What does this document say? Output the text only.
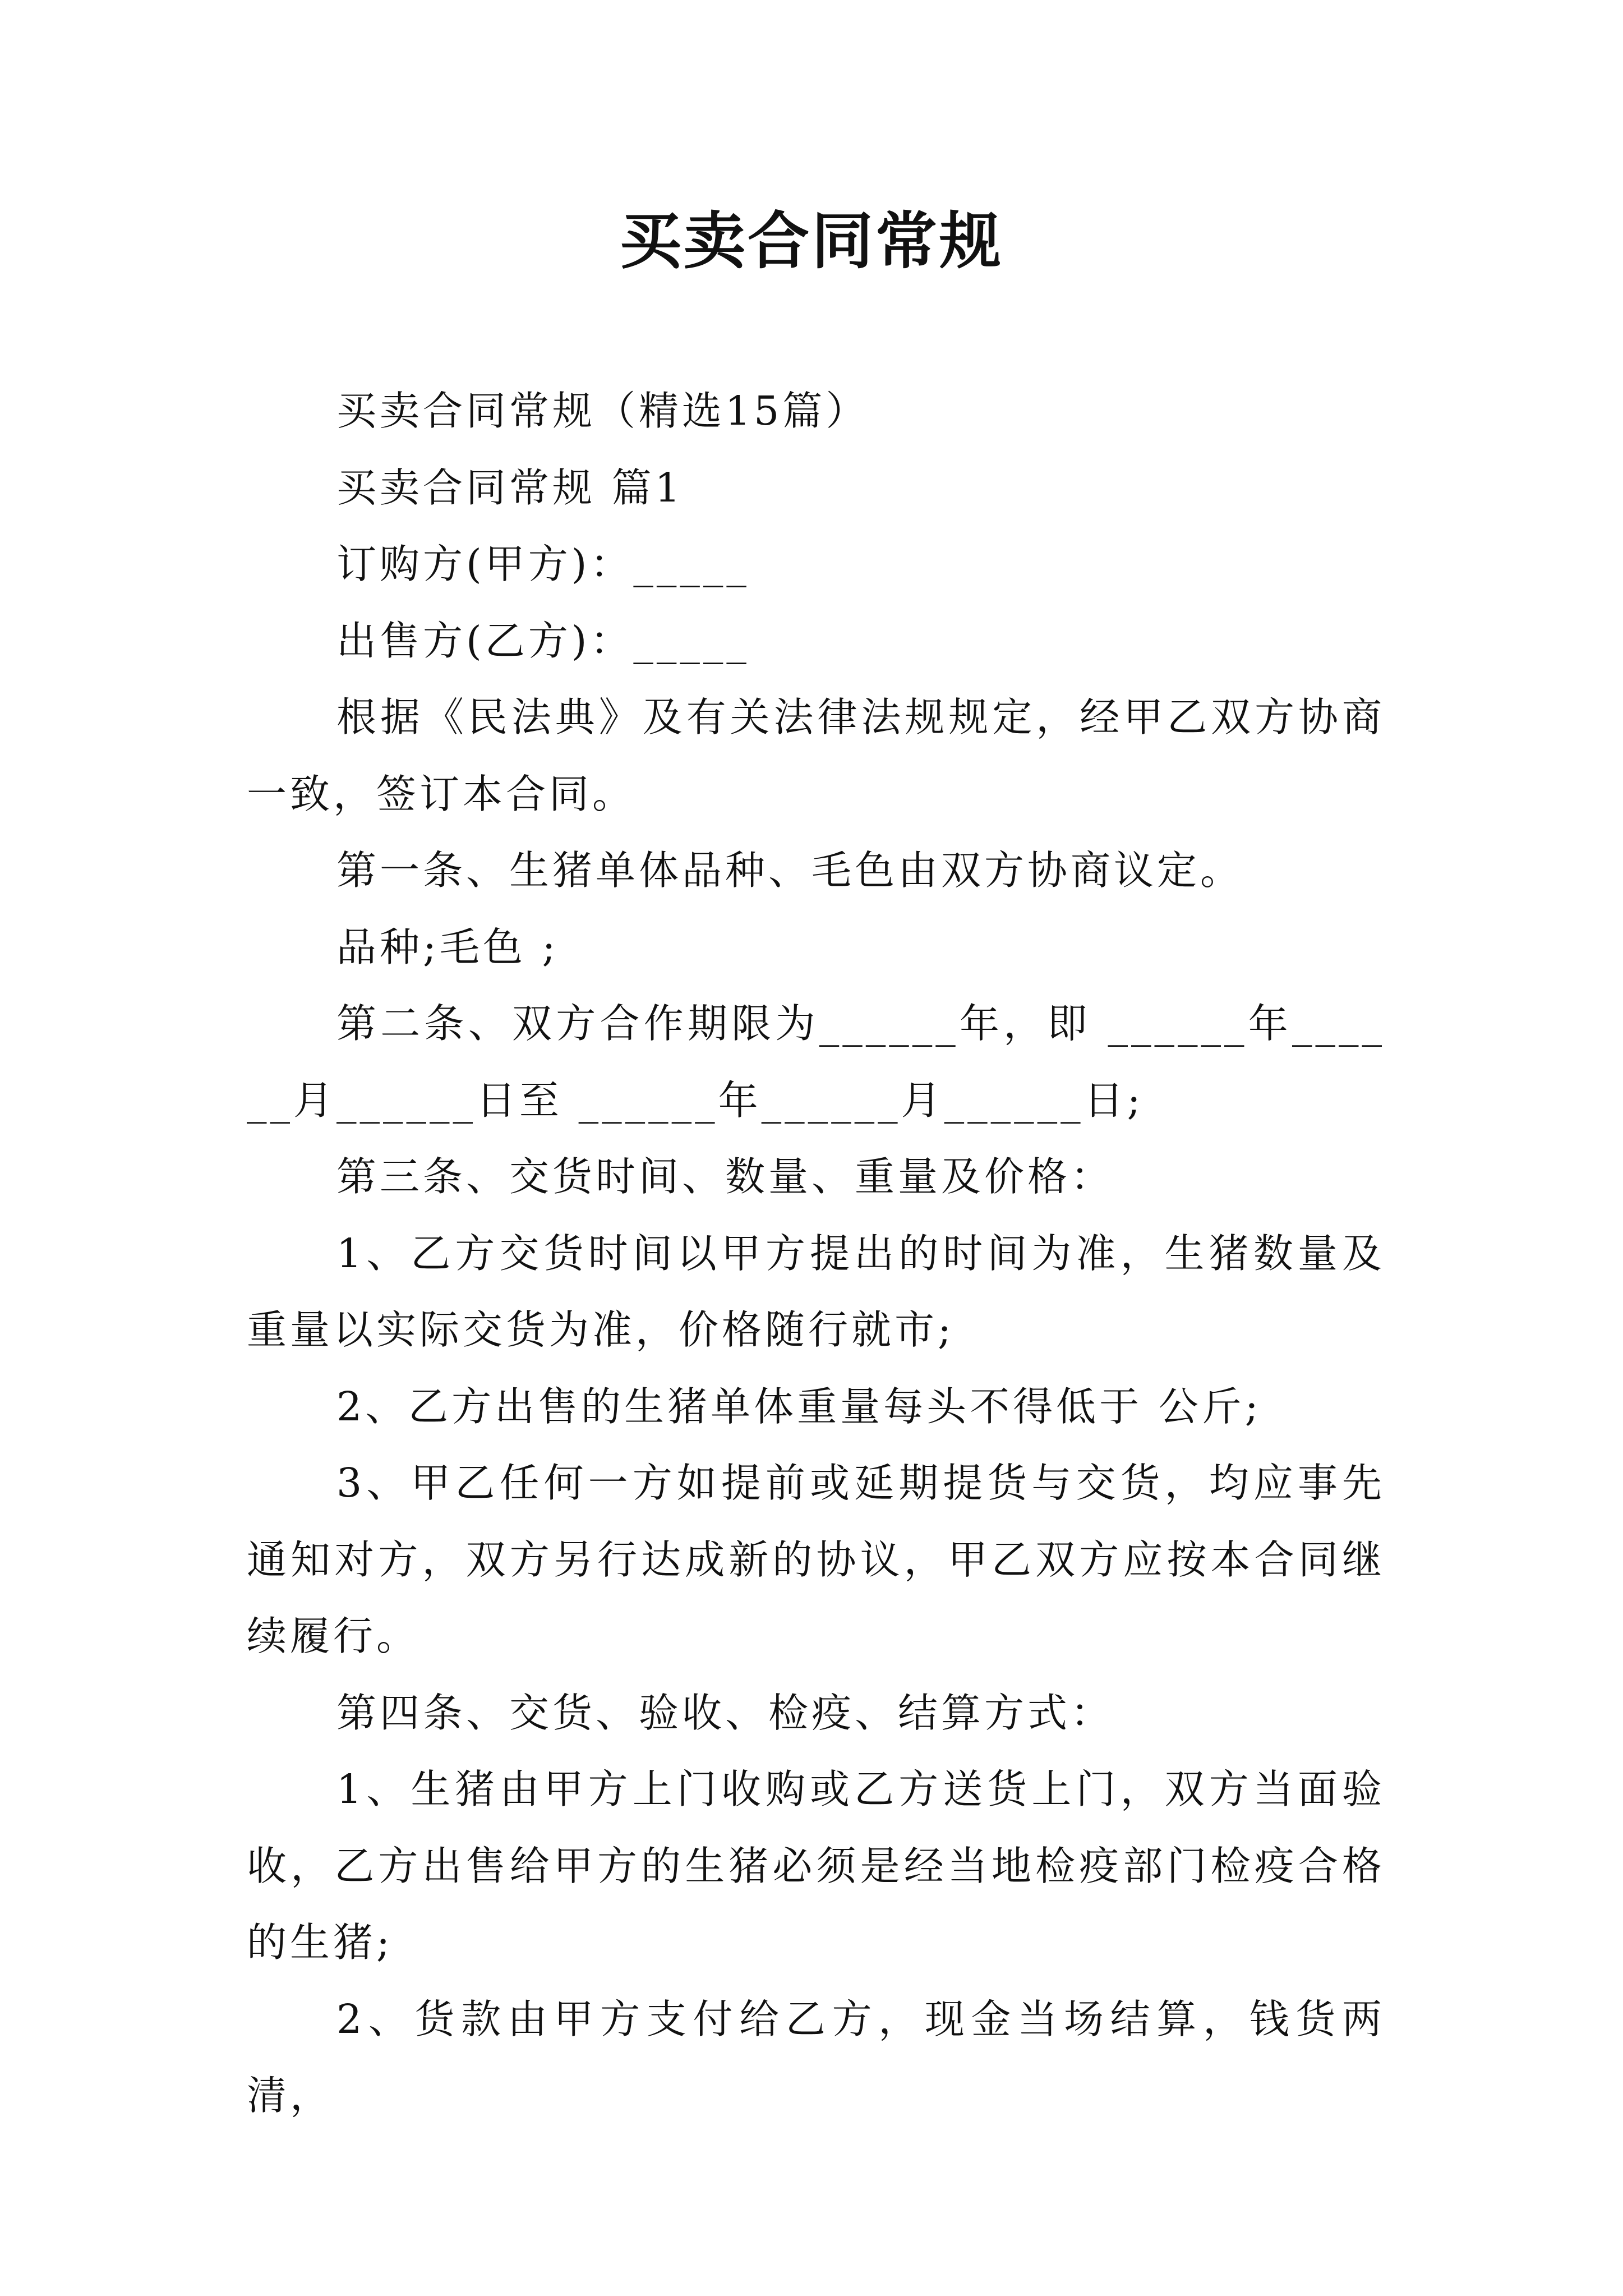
买卖合同常规

买卖合同常规（精选15篇）

买卖合同常规 篇1

订购方(甲方)：_____

出售方(乙方)：_____

根据《民法典》及有关法律法规规定，经甲乙双方协商一致，签订本合同。

第一条、生猪单体品种、毛色由双方协商议定。

品种;毛色 ;

第二条、双方合作期限为______年，即 ______年______月______日至 ______年______月______日;

第三条、交货时间、数量、重量及价格：

1、乙方交货时间以甲方提出的时间为准，生猪数量及重量以实际交货为准，价格随行就市;

2、乙方出售的生猪单体重量每头不得低于 公斤;

3、甲乙任何一方如提前或延期提货与交货，均应事先通知对方，双方另行达成新的协议，甲乙双方应按本合同继续履行。

第四条、交货、验收、检疫、结算方式：

1、生猪由甲方上门收购或乙方送货上门，双方当面验收，乙方出售给甲方的生猪必须是经当地检疫部门检疫合格的生猪;

2、货款由甲方支付给乙方，现金当场结算，钱货两清，
